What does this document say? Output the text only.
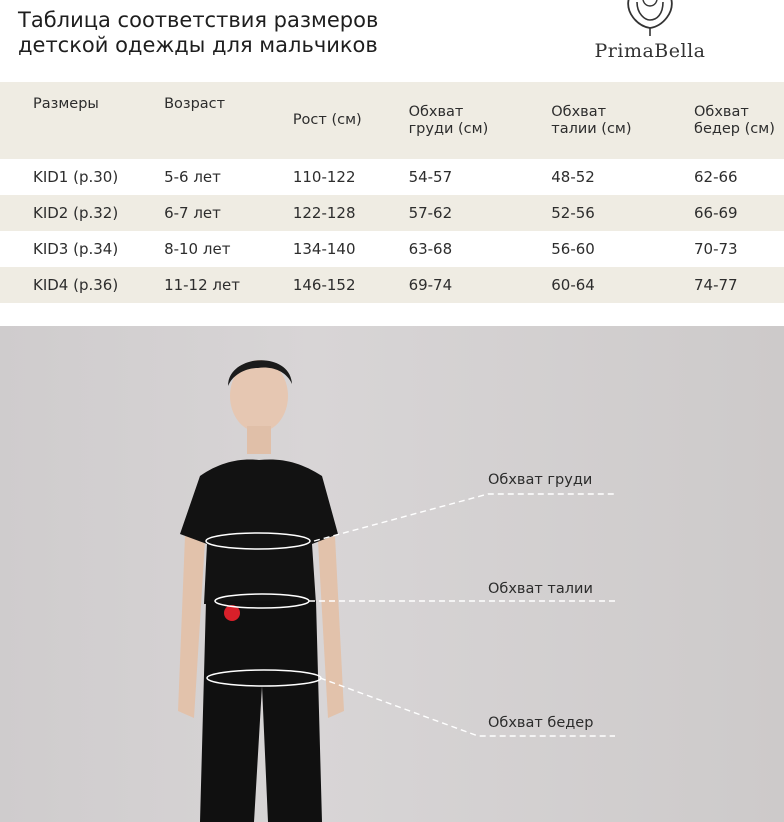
Таблица соответствия размеров
детской одежды для мальчиков	PrimaBella
Размеры	Возраст	Рост (см)	Обхват груди (см)	Обхват талии (см)	Обхват бедер (см)

KID1 (р.30)	5-6 лет	110-122	54-57	48-52	62-66
KID2 (р.32)	6-7 лет	122-128	57-62	52-56	66-69
KID3 (р.34)	8-10 лет	134-140	63-68	56-60	70-73
KID4 (р.36)	11-12 лет	146-152	69-74	60-64	74-77
Обхват груди
Обхват талии
Обхват бедер
